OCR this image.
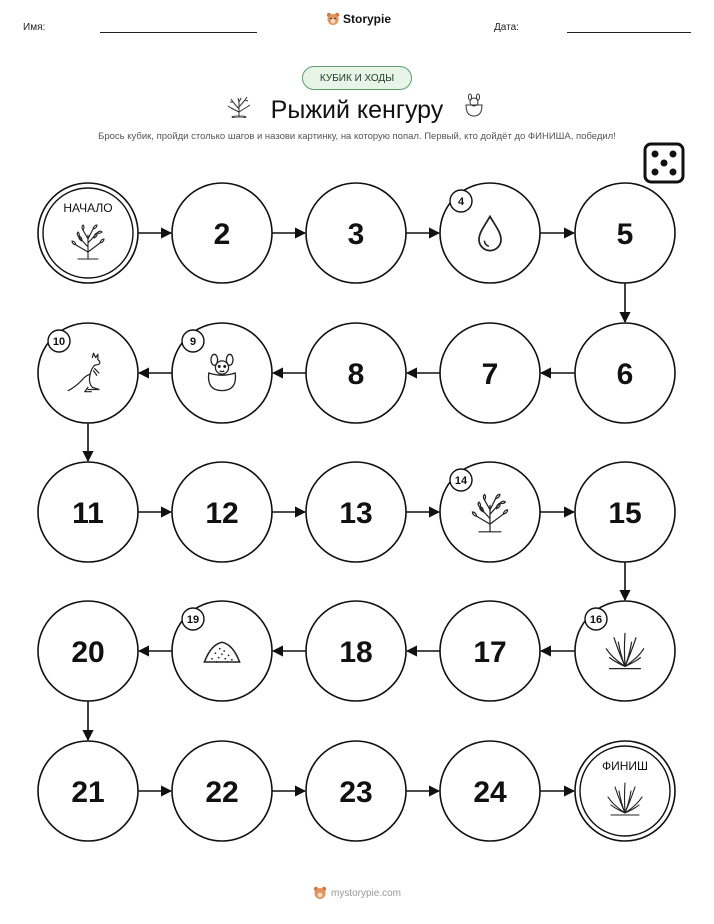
Имя:
Storypie
Дата:
КУБИК И ХОДЫ
Рыжий кенгуру
Брось кубик, пройди столько шагов и назови картинку, на которую попал. Первый, кто дойдёт до ФИНИША, победил!
НАЧАЛО
2	3
4
5
10	9
8	7	6
11	12	13
14
15
20
19
18	17
16
21	22	23	24
ФИНИШ
mystorypie.com
